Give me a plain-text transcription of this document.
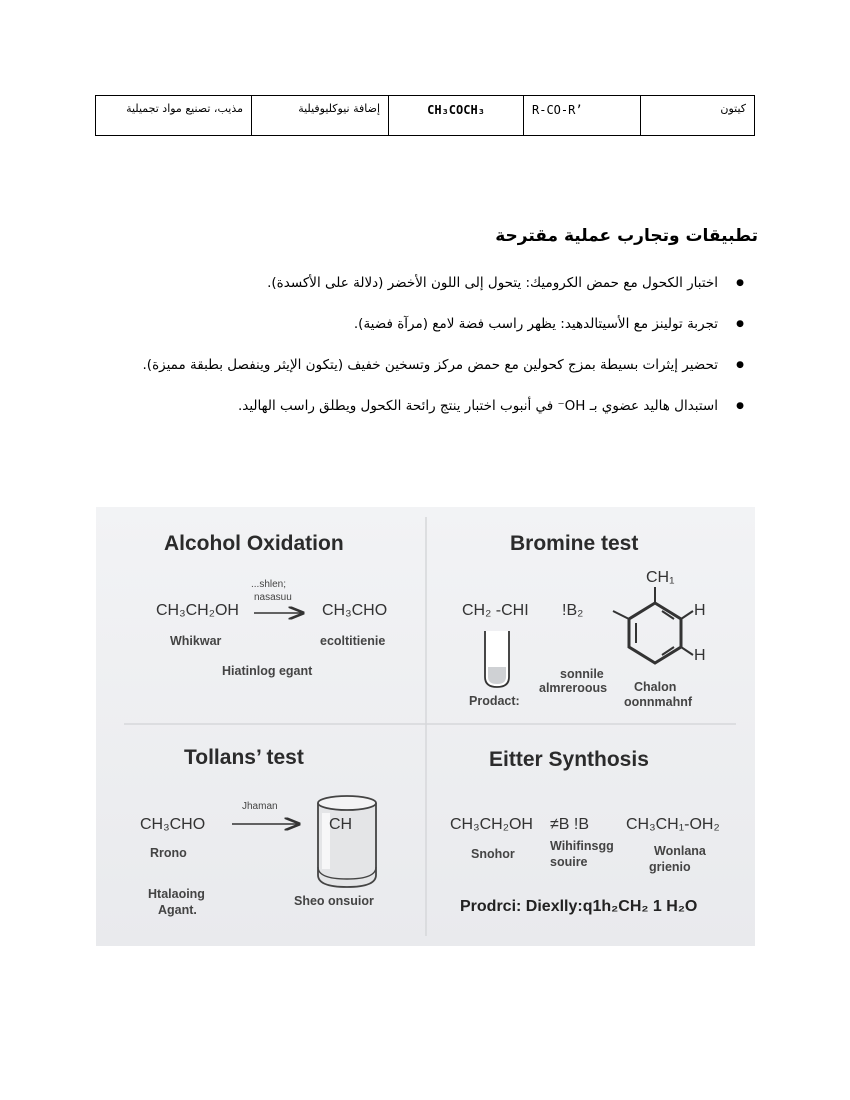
كيتون	R-CO-R’	CH₃COCH₃	إضافة نيوكليوفيلية	مذيب، تصنيع مواد تجميلية
تطبيقات وتجارب عملية مقترحة
● اختبار الكحول مع حمض الكروميك: يتحول إلى اللون الأخضر (دلالة على الأكسدة).
● تجربة تولينز مع الأسيتالدهيد: يظهر راسب فضة لامع (مرآة فضية).
● تحضير إيثرات بسيطة بمزج كحولين مع حمض مركز وتسخين خفيف (يتكون الإيثر وينفصل بطبقة مميزة).
● استبدال هاليد عضوي بـ OH⁻ في أنبوب اختبار ينتج رائحة الكحول ويطلق راسب الهاليد.
Alcohol Oxidation
...shlen;
nasasuu
CH₃CH₂OH	CH₃CHO
Whikwar	ecoltitienie
Hiatinlog egant
Bromine test
CH₂ -CHI !B₂
CH₁
H
H
sonnile
almreroous Chalon
oonnmahnf
Prodact:
Tollans’ test
Jhaman
CH₃CHO
Rrono
Htalaoing
Agant.
CH
Sheo onsuior
Eitter Synthosis
CH₃CH₂OH ≠B !B CH₃CH₁-OH₂
Snohor
Wihifinsgg
souire
Wonlana
grienio
Prodrci: Diexlly:q1h₂CH₂ 1 H₂O
